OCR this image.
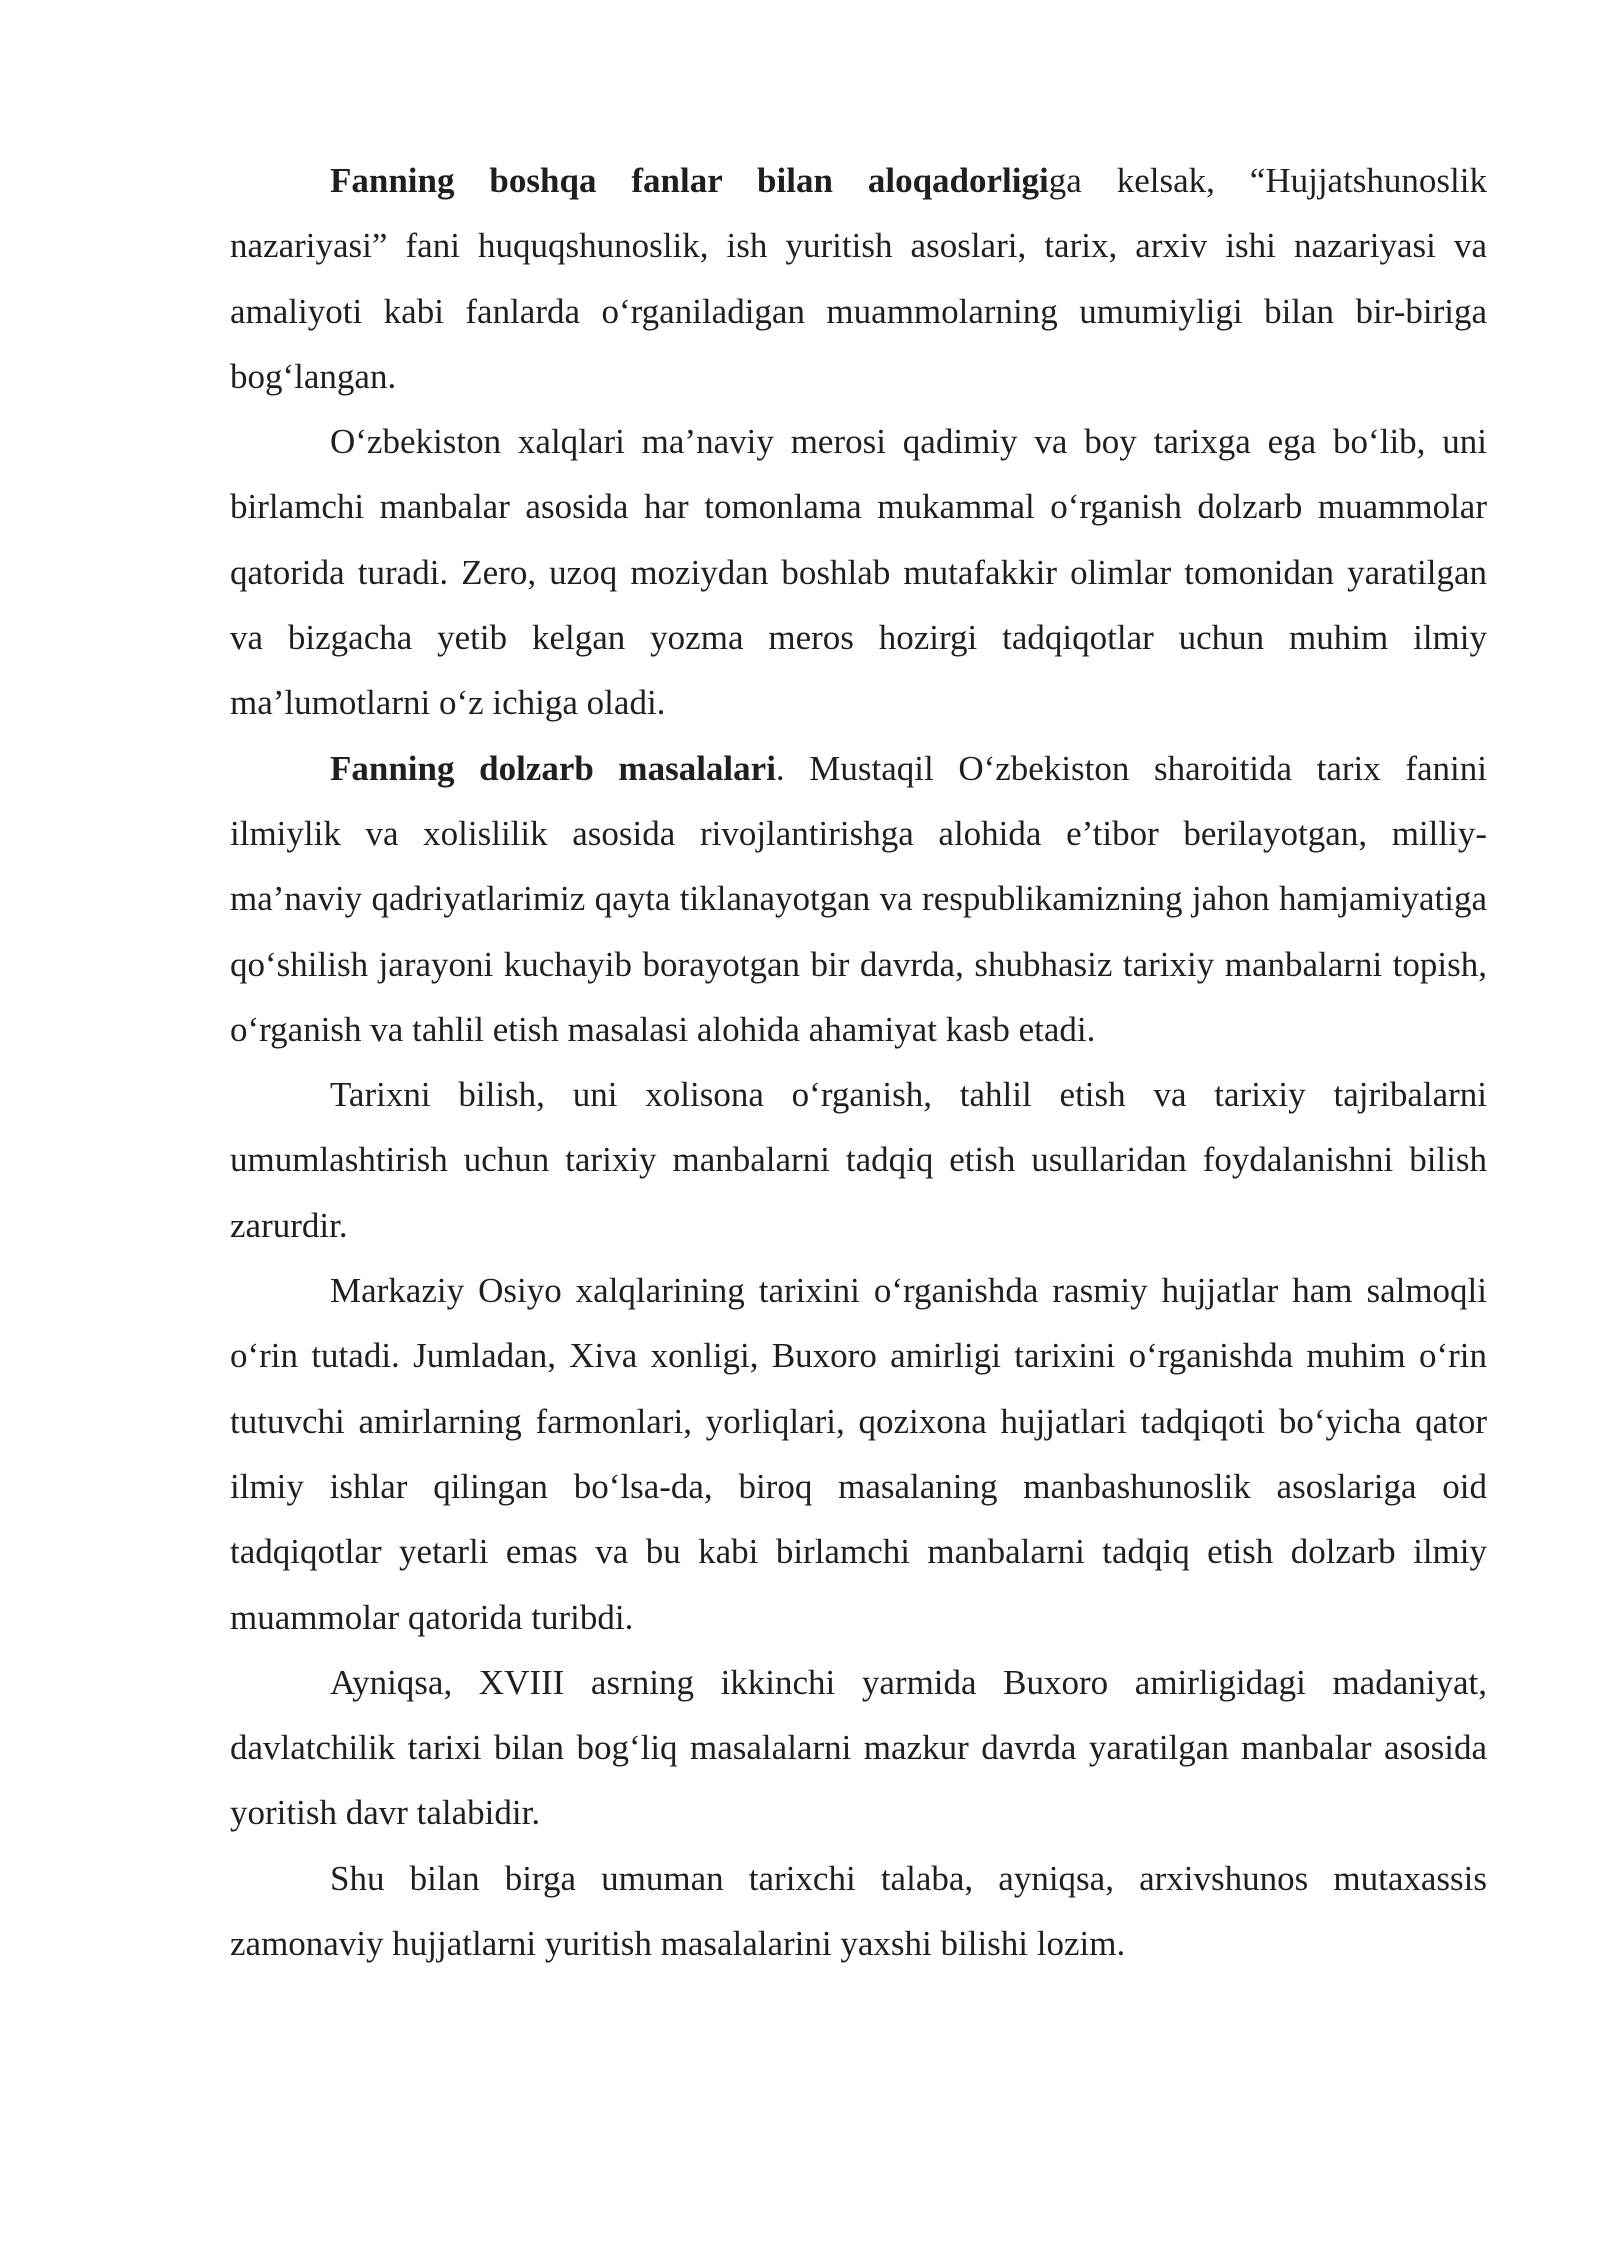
Fanning boshqa fanlar bilan aloqadorligiga kelsak, “Hujjatshunoslik nazariyasi” fani huquqshunoslik, ish yuritish asoslari, tarix, arxiv ishi nazariyasi va amaliyoti kabi fanlarda o‘rganiladigan muammolarning umumiyligi bilan bir-biriga bog‘langan.

O‘zbekiston xalqlari ma’naviy merosi qadimiy va boy tarixga ega bo‘lib, uni birlamchi manbalar asosida har tomonlama mukammal o‘rganish dolzarb muammolar qatorida turadi. Zero, uzoq moziydan boshlab mutafakkir olimlar tomonidan yaratilgan va bizgacha yetib kelgan yozma meros hozirgi tadqiqotlar uchun muhim ilmiy ma’lumotlarni o‘z ichiga oladi.

Fanning dolzarb masalalari. Mustaqil O‘zbekiston sharoitida tarix fanini ilmiylik va xolislilik asosida rivojlantirishga alohida e’tibor berilayotgan, milliy-ma’naviy qadriyatlarimiz qayta tiklanayotgan va respublikamizning jahon hamjamiyatiga qo‘shilish jarayoni kuchayib borayotgan bir davrda, shubhasiz tarixiy manbalarni topish, o‘rganish va tahlil etish masalasi alohida ahamiyat kasb etadi.

Tarixni bilish, uni xolisona o‘rganish, tahlil etish va tarixiy tajribalarni umumlashtirish uchun tarixiy manbalarni tadqiq etish usullaridan foydalanishni bilish zarurdir.

Markaziy Osiyo xalqlarining tarixini o‘rganishda rasmiy hujjatlar ham salmoqli o‘rin tutadi. Jumladan, Xiva xonligi, Buxoro amirligi tarixini o‘rganishda muhim o‘rin tutuvchi amirlarning farmonlari, yorliqlari, qozixona hujjatlari tadqiqoti bo‘yicha qator ilmiy ishlar qilingan bo‘lsa-da, biroq masalaning manbashunoslik asoslariga oid tadqiqotlar yetarli emas va bu kabi birlamchi manbalarni tadqiq etish dolzarb ilmiy muammolar qatorida turibdi.

Ayniqsa, XVIII asrning ikkinchi yarmida Buxoro amirligidagi madaniyat, davlatchilik tarixi bilan bog‘liq masalalarni mazkur davrda yaratilgan manbalar asosida yoritish davr talabidir.

Shu bilan birga umuman tarixchi talaba, ayniqsa, arxivshunos mutaxassis zamonaviy hujjatlarni yuritish masalalarini yaxshi bilishi lozim.
